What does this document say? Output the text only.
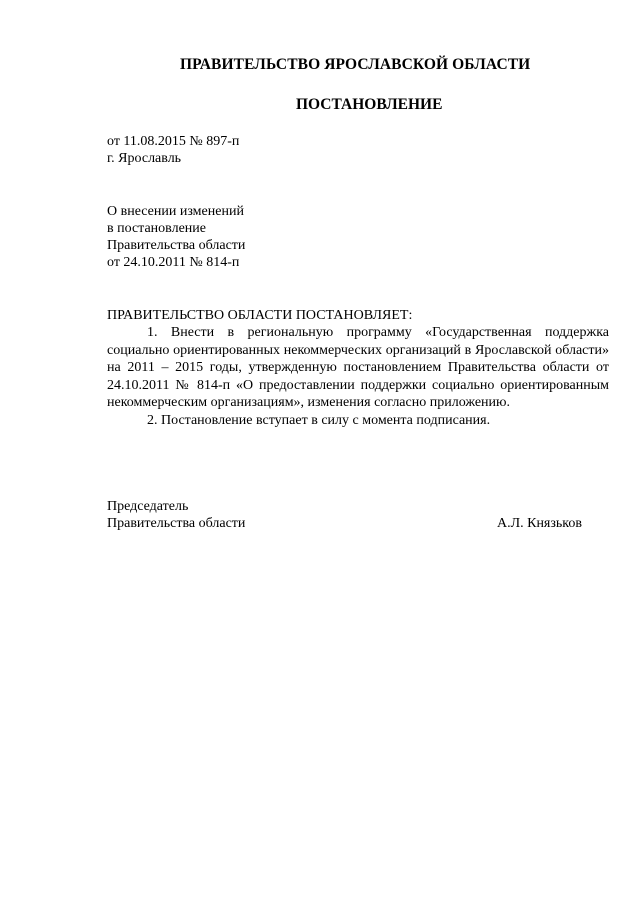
ПРАВИТЕЛЬСТВО ЯРОСЛАВСКОЙ ОБЛАСТИ
ПОСТАНОВЛЕНИЕ
от 11.08.2015 № 897-п
г. Ярославль
О внесении изменений
в постановление
Правительства области
от 24.10.2011 № 814-п
ПРАВИТЕЛЬСТВО ОБЛАСТИ ПОСТАНОВЛЯЕТ:

1. Внести в региональную программу «Государственная поддержка социально ориентированных некоммерческих организаций в Ярославской области» на 2011 – 2015 годы, утвержденную постановлением Правительства области от 24.10.2011 № 814-п «О предоставлении поддержки социально ориентированным некоммерческим организациям», изменения согласно приложению.

2. Постановление вступает в силу с момента подписания.

Председатель
Правительства области	А.Л. Князьков
